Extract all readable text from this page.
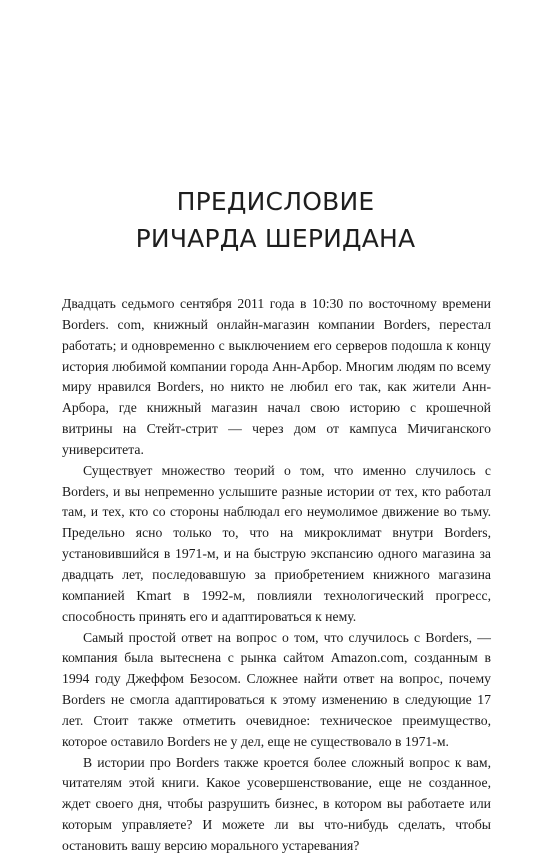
ПРЕДИСЛОВИЕ
РИЧАРДА ШЕРИДАНА

Двадцать седьмого сентября 2011 года в 10:30 по восточному времени Borders. com, книжный онлайн-магазин компании Borders, перестал работать; и одновременно с выключением его серверов подошла к концу история любимой компании города Анн-Арбор. Многим людям по всему миру нравился Borders, но никто не любил его так, как жители Анн-Арбора, где книжный магазин начал свою историю с крошечной витрины на Стейт-стрит — через дом от кампуса Мичиганского университета.

Существует множество теорий о том, что именно случилось с Borders, и вы непременно услышите разные истории от тех, кто работал там, и тех, кто со стороны наблюдал его неумолимое движение во тьму. Предельно ясно только то, что на микроклимат внутри Borders, установившийся в 1971-м, и на быструю экспансию одного магазина за двадцать лет, последовавшую за приобретением книжного магазина компанией Kmart в 1992-м, повлияли технологический прогресс, способность принять его и адаптироваться к нему.

Самый простой ответ на вопрос о том, что случилось с Borders, — компания была вытеснена с рынка сайтом Amazon.com, созданным в 1994 году Джеффом Безосом. Сложнее найти ответ на вопрос, почему Borders не смогла адаптироваться к этому изменению в следующие 17 лет. Стоит также отметить очевидное: техническое преимущество, которое оставило Borders не у дел, еще не существовало в 1971-м.

В истории про Borders также кроется более сложный вопрос к вам, читателям этой книги. Какое усовершенствование, еще не созданное, ждет своего дня, чтобы разрушить бизнес, в котором вы работаете или которым управляете? И можете ли вы что-нибудь сделать, чтобы остановить вашу версию морального устаревания?
